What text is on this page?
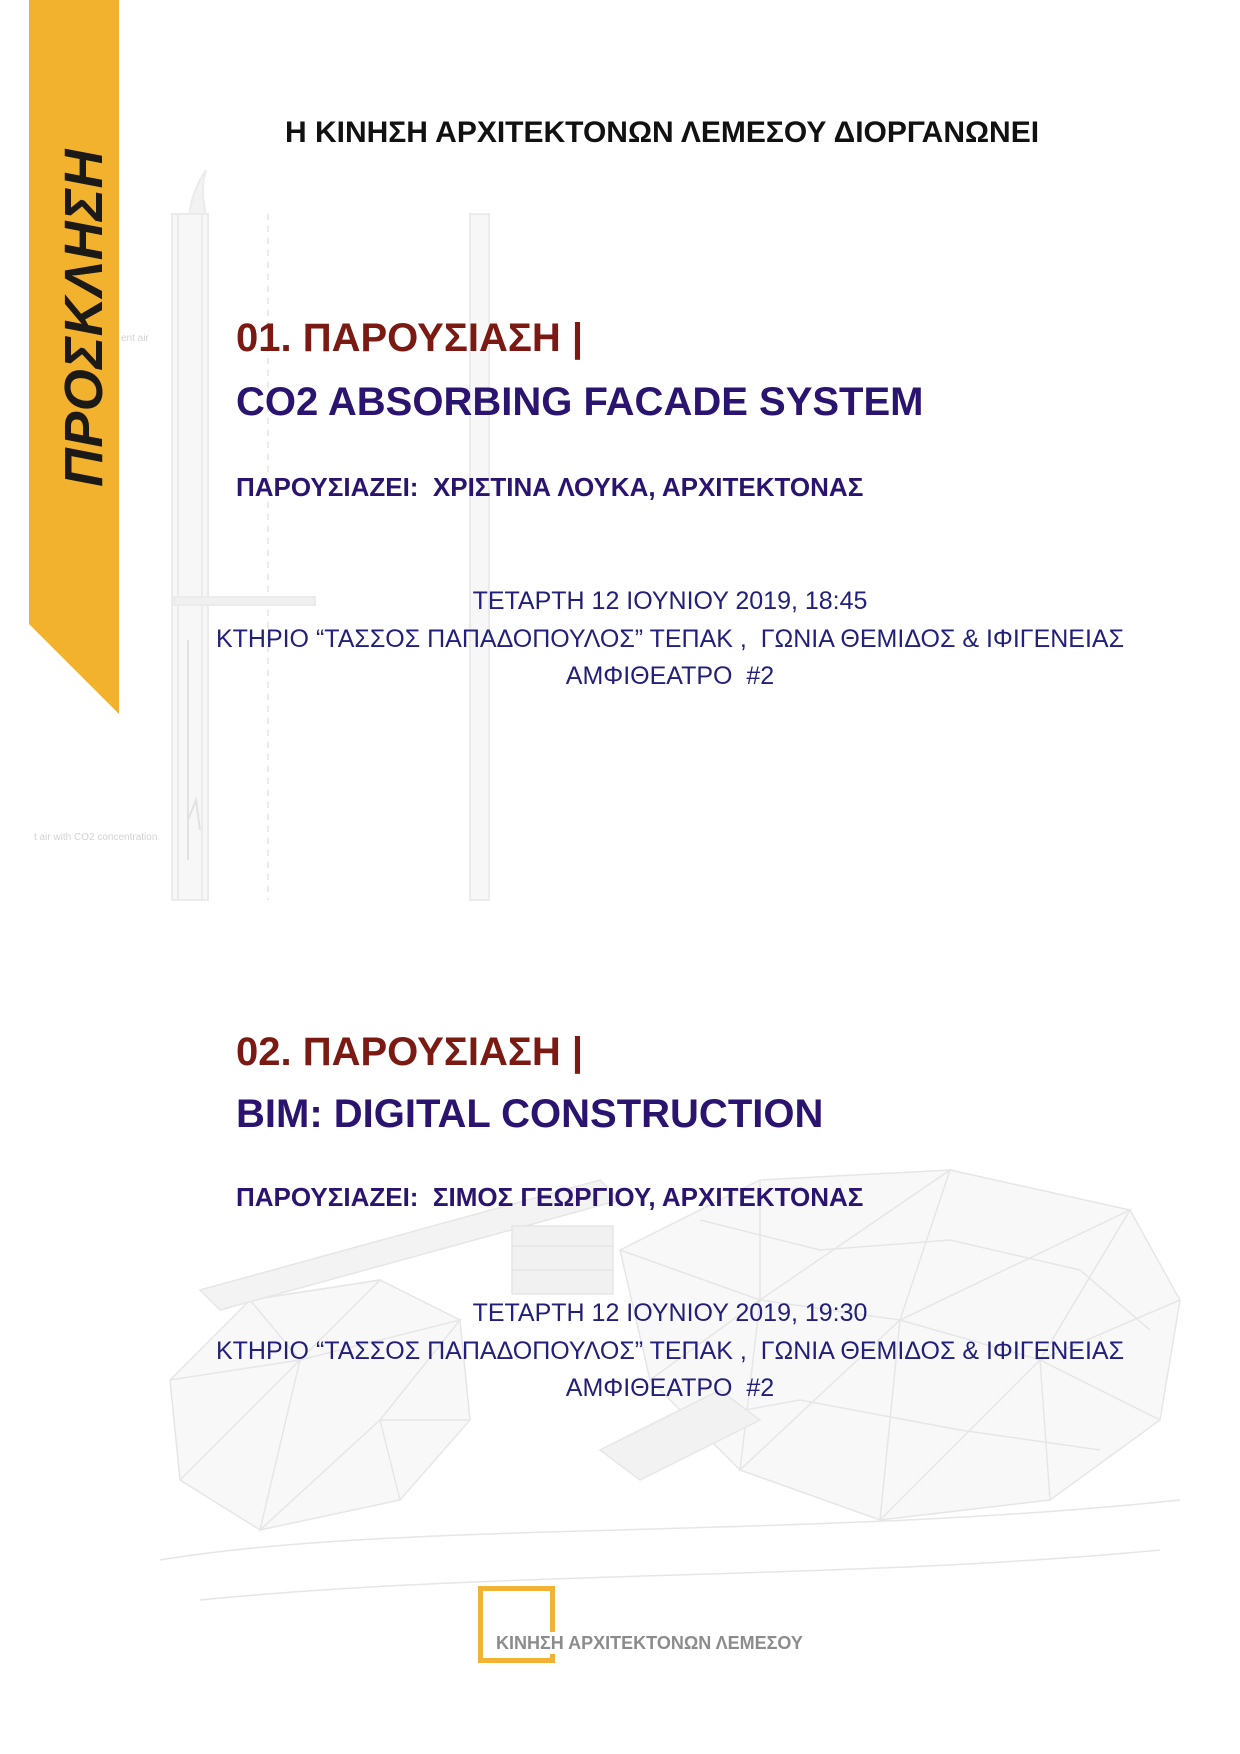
ent air
t air with CO2 concentration
ΠΡΟΣΚΛΗΣΗ
Η ΚΙΝΗΣΗ ΑΡΧΙΤΕΚΤΟΝΩΝ ΛΕΜΕΣΟΥ ΔΙΟΡΓΑΝΩΝΕΙ
01. ΠΑΡΟΥΣΙΑΣΗ |
CO2 ABSORBING FACADE SYSTEM
ΠΑΡΟΥΣΙΑΖΕΙ:  ΧΡΙΣΤΙΝΑ ΛΟΥΚΑ, ΑΡΧΙΤΕΚΤΟΝΑΣ
ΤΕΤΑΡΤΗ 12 ΙΟΥΝΙΟΥ 2019, 18:45
ΚΤΗΡΙΟ “ΤΑΣΣΟΣ ΠΑΠΑΔΟΠΟΥΛΟΣ” ΤΕΠΑΚ ,  ΓΩΝΙΑ ΘΕΜΙΔΟΣ & ΙΦΙΓΕΝΕΙΑΣ
ΑΜΦΙΘΕΑΤΡΟ  #2
02. ΠΑΡΟΥΣΙΑΣΗ |
BIM: DIGITAL CONSTRUCTION
ΠΑΡΟΥΣΙΑΖΕΙ:  ΣΙΜΟΣ ΓΕΩΡΓΙΟΥ, ΑΡΧΙΤΕΚΤΟΝΑΣ
ΤΕΤΑΡΤΗ 12 ΙΟΥΝΙΟΥ 2019, 19:30
ΚΤΗΡΙΟ “ΤΑΣΣΟΣ ΠΑΠΑΔΟΠΟΥΛΟΣ” ΤΕΠΑΚ ,  ΓΩΝΙΑ ΘΕΜΙΔΟΣ & ΙΦΙΓΕΝΕΙΑΣ
ΑΜΦΙΘΕΑΤΡΟ  #2
ΚΙΝΗΣΗ ΑΡΧΙΤΕΚΤΟΝΩΝ ΛΕΜΕΣΟΥ
